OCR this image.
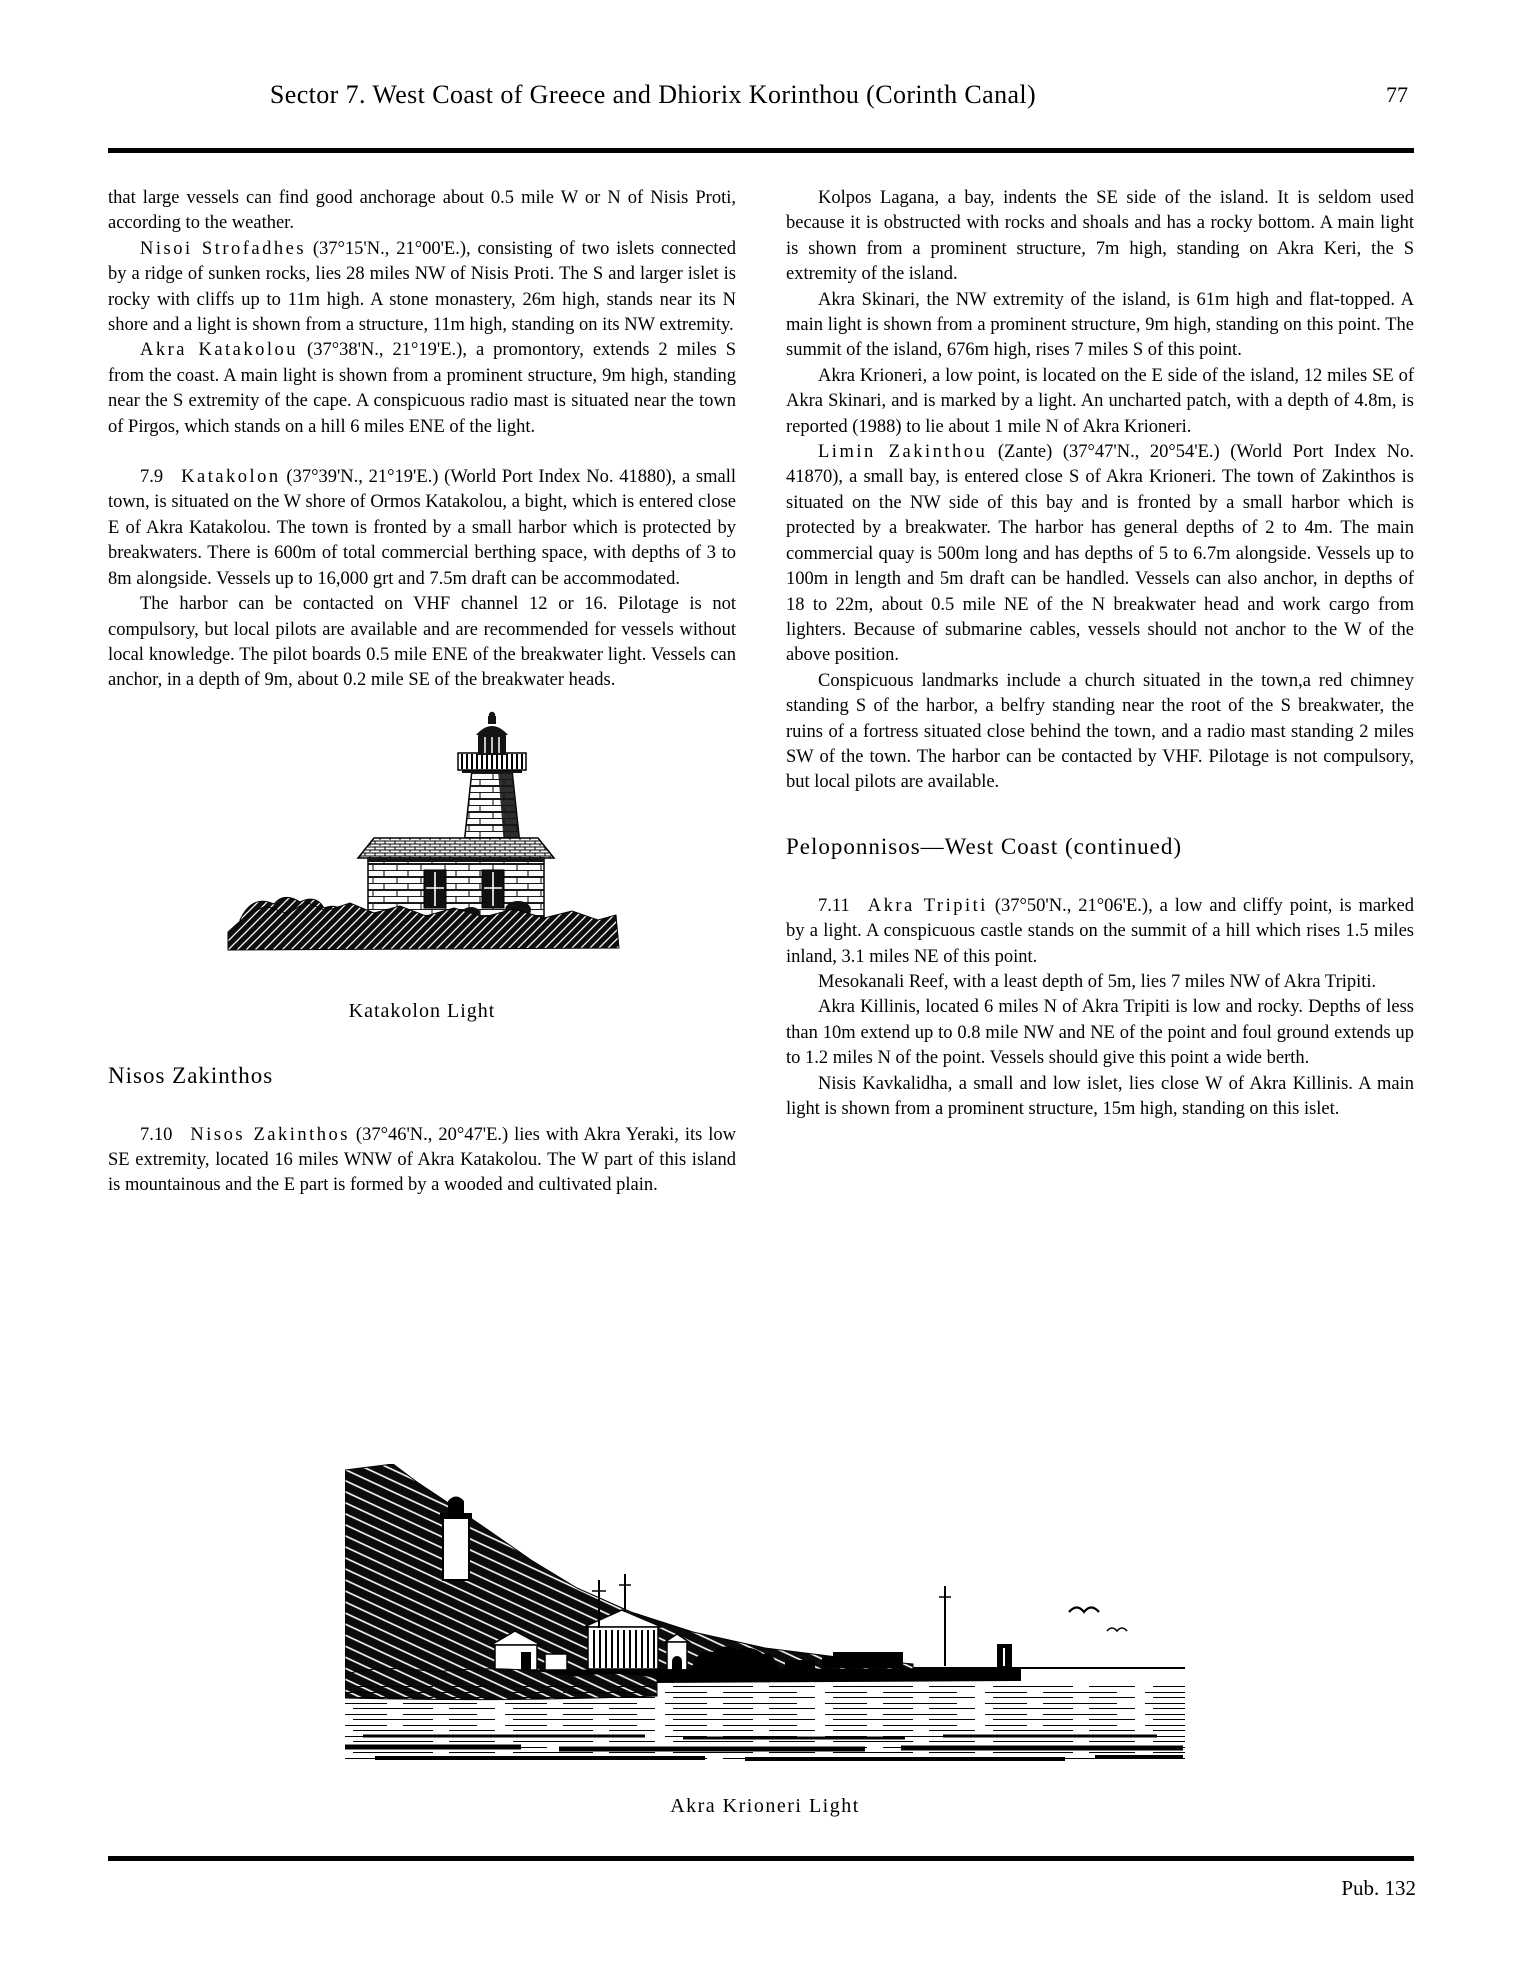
Sector 7. West Coast of Greece and Dhiorix Korinthou (Corinth Canal)	77

that large vessels can find good anchorage about 0.5 mile W or N of Nisis Proti, according to the weather.

Nisoi Strofadhes (37°15'N., 21°00'E.), consisting of two islets connected by a ridge of sunken rocks, lies 28 miles NW of Nisis Proti. The S and larger islet is rocky with cliffs up to 11m high. A stone monastery, 26m high, stands near its N shore and a light is shown from a structure, 11m high, standing on its NW extremity.

Akra Katakolou (37°38'N., 21°19'E.), a promontory, extends 2 miles S from the coast. A main light is shown from a prominent structure, 9m high, standing near the S extremity of the cape. A conspicuous radio mast is situated near the town of Pirgos, which stands on a hill 6 miles ENE of the light.

7.9 Katakolon (37°39'N., 21°19'E.) (World Port Index No. 41880), a small town, is situated on the W shore of Ormos Katakolou, a bight, which is entered close E of Akra Katakolou. The town is fronted by a small harbor which is protected by breakwaters. There is 600m of total commercial berthing space, with depths of 3 to 8m alongside. Vessels up to 16,000 grt and 7.5m draft can be accommodated.

The harbor can be contacted on VHF channel 12 or 16. Pilotage is not compulsory, but local pilots are available and are recommended for vessels without local knowledge. The pilot boards 0.5 mile ENE of the breakwater light. Vessels can anchor, in a depth of 9m, about 0.2 mile SE of the breakwater heads.

Katakolon Light
Nisos Zakinthos

7.10 Nisos Zakinthos (37°46'N., 20°47'E.) lies with Akra Yeraki, its low SE extremity, located 16 miles WNW of Akra Katakolou. The W part of this island is mountainous and the E part is formed by a wooded and cultivated plain.

Kolpos Lagana, a bay, indents the SE side of the island. It is seldom used because it is obstructed with rocks and shoals and has a rocky bottom. A main light is shown from a prominent structure, 7m high, standing on Akra Keri, the S extremity of the island.

Akra Skinari, the NW extremity of the island, is 61m high and flat-topped. A main light is shown from a prominent structure, 9m high, standing on this point. The summit of the island, 676m high, rises 7 miles S of this point.

Akra Krioneri, a low point, is located on the E side of the island, 12 miles SE of Akra Skinari, and is marked by a light. An uncharted patch, with a depth of 4.8m, is reported (1988) to lie about 1 mile N of Akra Krioneri.

Limin Zakinthou (Zante) (37°47'N., 20°54'E.) (World Port Index No. 41870), a small bay, is entered close S of Akra Krioneri. The town of Zakinthos is situated on the NW side of this bay and is fronted by a small harbor which is protected by a breakwater. The harbor has general depths of 2 to 4m. The main commercial quay is 500m long and has depths of 5 to 6.7m alongside. Vessels up to 100m in length and 5m draft can be handled. Vessels can also anchor, in depths of 18 to 22m, about 0.5 mile NE of the N breakwater head and work cargo from lighters. Because of submarine cables, vessels should not anchor to the W of the above position.

Conspicuous landmarks include a church situated in the town,a red chimney standing S of the harbor, a belfry standing near the root of the S breakwater, the ruins of a fortress situated close behind the town, and a radio mast standing 2 miles SW of the town. The harbor can be contacted by VHF. Pilotage is not compulsory, but local pilots are available.

Peloponnisos—West Coast (continued)

7.11 Akra Tripiti (37°50'N., 21°06'E.), a low and cliffy point, is marked by a light. A conspicuous castle stands on the summit of a hill which rises 1.5 miles inland, 3.1 miles NE of this point.

Mesokanali Reef, with a least depth of 5m, lies 7 miles NW of Akra Tripiti.

Akra Killinis, located 6 miles N of Akra Tripiti is low and rocky. Depths of less than 10m extend up to 0.8 mile NW and NE of the point and foul ground extends up to 1.2 miles N of the point. Vessels should give this point a wide berth.

Nisis Kavkalidha, a small and low islet, lies close W of Akra Killinis. A main light is shown from a prominent structure, 15m high, standing on this islet.

Akra Krioneri Light
Pub. 132
